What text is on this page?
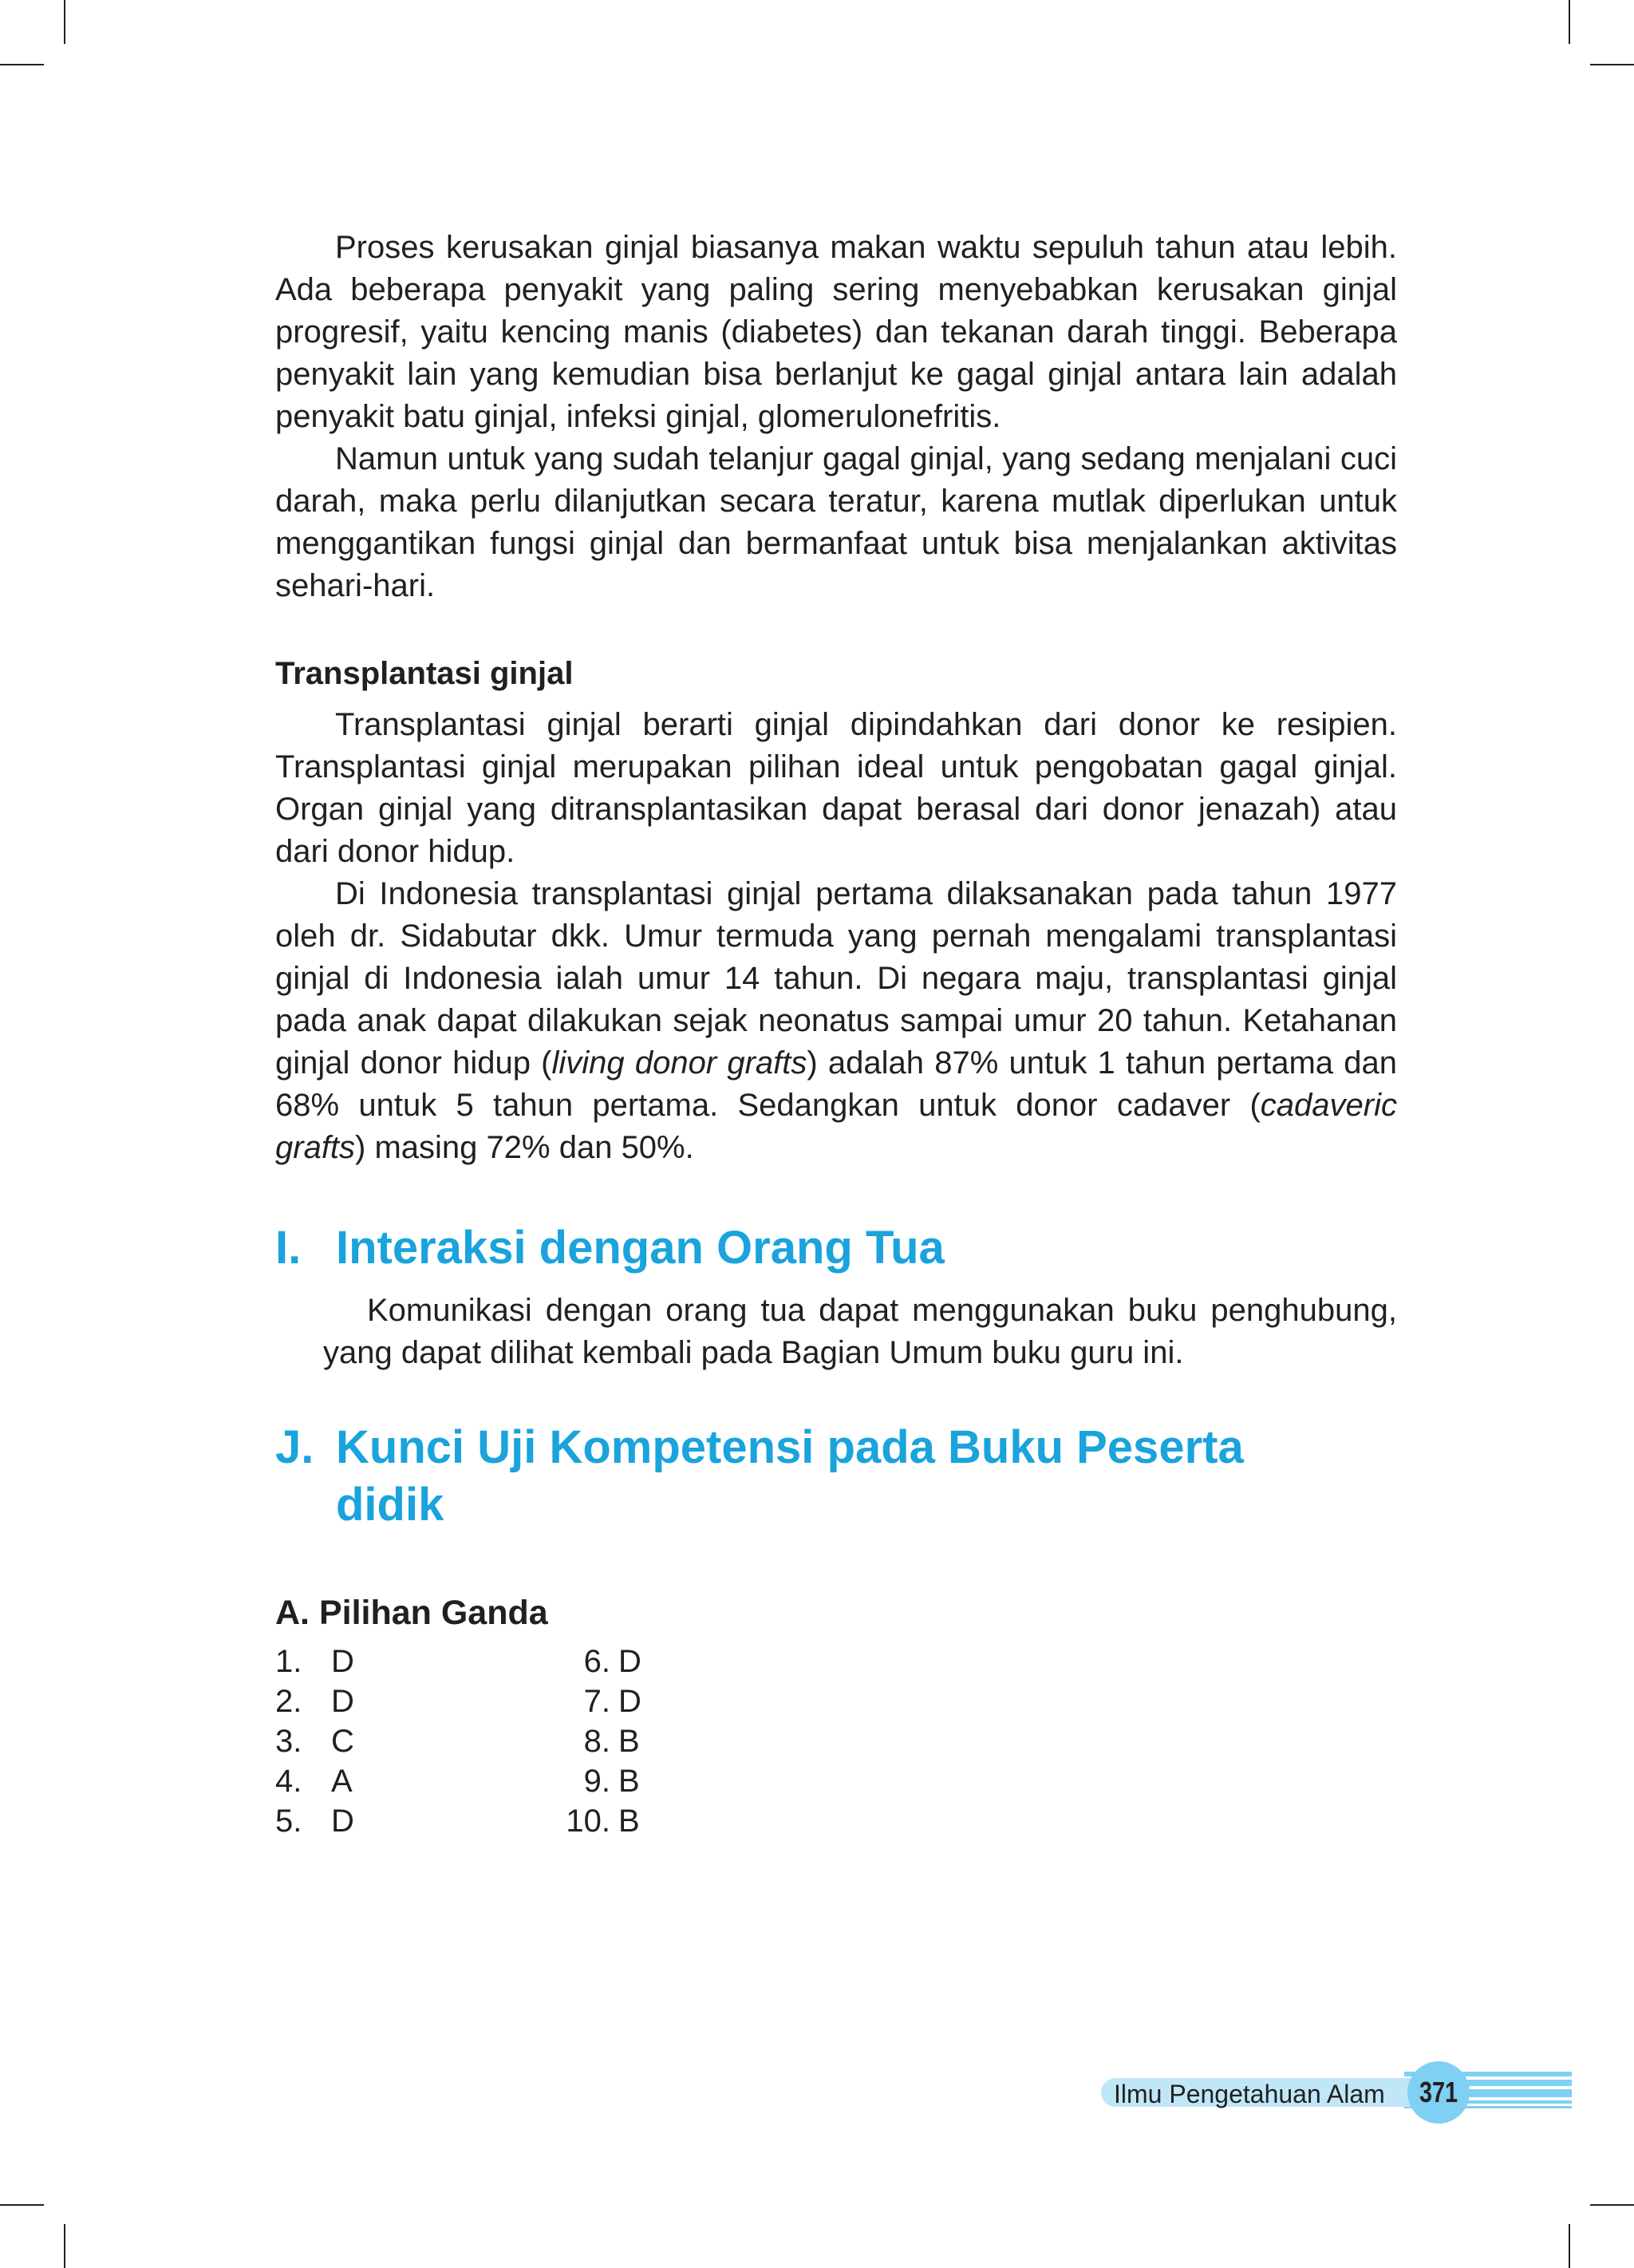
Proses kerusakan ginjal biasanya makan waktu sepuluh tahun atau lebih. Ada beberapa penyakit yang paling sering menyebabkan kerusakan ginjal progresif, yaitu kencing manis (diabetes) dan tekanan darah tinggi. Beberapa penyakit lain yang kemudian bisa berlanjut ke gagal ginjal antara lain adalah penyakit batu ginjal, infeksi ginjal, glomerulonefritis.

Namun untuk yang sudah telanjur gagal ginjal, yang sedang menjalani cuci darah, maka perlu dilanjutkan secara teratur, karena mutlak diperlukan untuk menggantikan fungsi ginjal dan bermanfaat untuk bisa menjalankan aktivitas sehari-hari.

Transplantasi ginjal

Transplantasi ginjal berarti ginjal dipindahkan dari donor ke resipien. Transplantasi ginjal merupakan pilihan ideal untuk pengobatan gagal ginjal. Organ ginjal yang ditransplantasikan dapat berasal dari donor jenazah) atau dari donor hidup.

Di Indonesia transplantasi ginjal pertama dilaksanakan pada tahun 1977 oleh dr. Sidabutar dkk. Umur termuda yang pernah mengalami transplantasi ginjal di Indonesia ialah umur 14 tahun. Di negara maju, transplantasi ginjal pada anak dapat dilakukan sejak neonatus sampai umur 20 tahun. Ketahanan ginjal donor hidup (living donor grafts) adalah 87% untuk 1 tahun pertama dan 68% untuk 5 tahun pertama. Sedangkan untuk donor cadaver (cadaveric grafts) masing 72% dan 50%.

I. Interaksi dengan Orang Tua

Komunikasi dengan orang tua dapat menggunakan buku penghubung, yang dapat dilihat kembali pada Bagian Umum buku guru ini.

J. Kunci Uji Kompetensi pada Buku Peserta
didik
A. Pilihan Ganda
1. D	6. D
2. D	7. D
3. C	8. B
4. A	9. B
5. D	10. B
Ilmu Pengetahuan Alam	371
